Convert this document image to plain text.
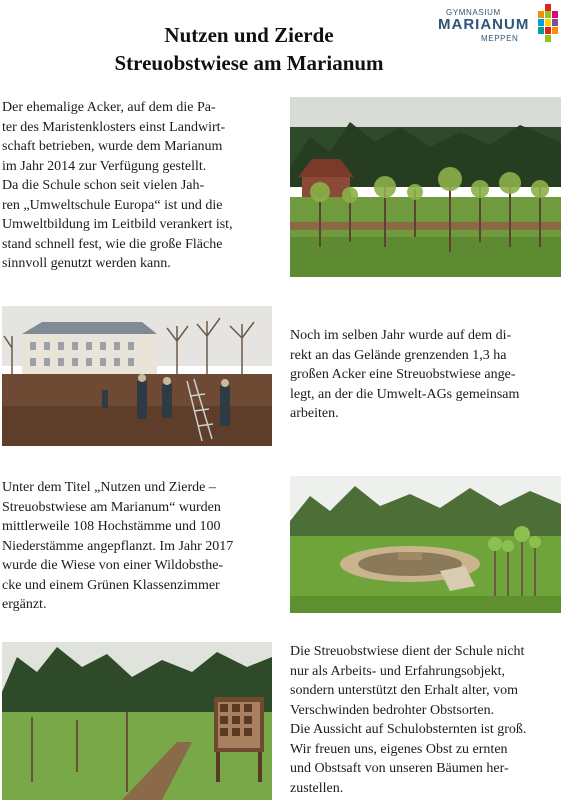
Nutzen und Zierde
Streuobstwiese am Marianum
GYMNASIUM
MARIANUM
MEPPEN
Der ehemalige Acker, auf dem die Pa-
ter des Maristenklosters einst Landwirt-
schaft betrieben, wurde dem Marianum
im Jahr 2014 zur Verfügung gestellt.
Da die Schule schon seit vielen Jah-
ren „Umweltschule Europa“ ist und die
Umweltbildung im Leitbild verankert ist,
stand schnell fest, wie die große Fläche
sinnvoll genutzt werden kann.
Noch im selben Jahr wurde auf dem di-
rekt an das Gelände grenzenden 1,3 ha
großen Acker eine Streuobstwiese ange-
legt, an der die Umwelt-AGs gemeinsam
arbeiten.
Unter dem Titel „Nutzen und Zierde –
Streuobstwiese am Marianum“ wurden
mittlerweile 108 Hochstämme und 100
Niederstämme angepflanzt. Im Jahr 2017
wurde die Wiese von einer Wildobsthe-
cke und einem Grünen Klassenzimmer
ergänzt.
Die Streuobstwiese dient der Schule nicht
nur als Arbeits- und Erfahrungsobjekt,
sondern unterstützt den Erhalt alter, vom
Verschwinden bedrohter Obstsorten.
Die Aussicht auf Schulobsternten ist groß.
Wir freuen uns, eigenes Obst zu ernten
und Obstsaft von unseren Bäumen her-
zustellen.
